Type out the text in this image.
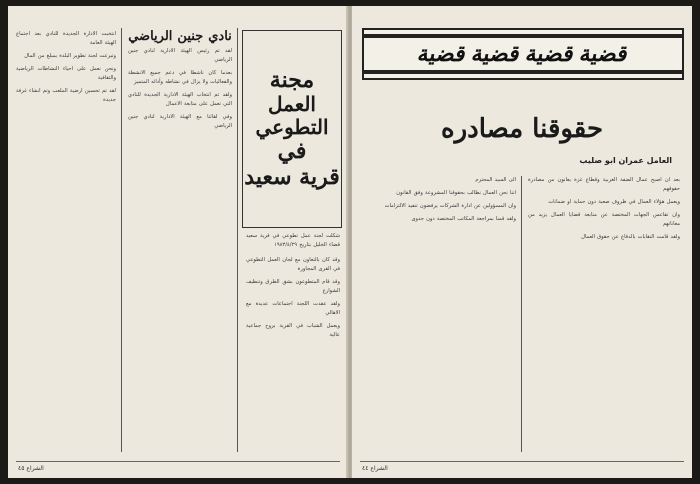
مجنة
العمل التطوعي
في
قرية سعيد
شكلت لجنة عمل تطوعي في قرية سعيد قضاء الخليل بتاريخ ١٩٨٣/٤/٢٩

وقد كان بالتعاون مع لجان العمل التطوعي في القرى المجاورة

وقد قام المتطوعون بشق الطرق وتنظيف الشوارع

ولقد عقدت اللجنة اجتماعات عديدة مع الاهالي

ويعمل الشباب في القرية بروح جماعية عالية

نادي جنين الرياضي

لقد تم رئيس الهيئة الادارية لنادي جنين الرياضي

بعدما كان ناشطا في دعم جميع الانشطة والفعاليات ولا يزال في نشاطه وأدائه المتميز

ولقد تم انتخاب الهيئة الادارية الجديدة للنادي التي تعمل على متابعة الاعمال

وفي لقائنا مع الهيئة الادارية لنادي جنين الرياضي

انتخبت الادارة الجديدة للنادي بعد اجتماع الهيئة العامة

وتبرعت لجنة تطوير البلدة بمبلغ من المال

ونحن نعمل على احياء النشاطات الرياضية والثقافية

لقد تم تحسين ارضية الملعب وتم انشاء غرفة جديدة

الشراع ٤٥
قضية
قضية
قضية
قضية
حقوقنا مصادره
العامل عمران ابو صليب

بعد ان اصبح عمال الضفة الغربية وقطاع غزة يعانون من مصادرة حقوقهم

ويعمل هؤلاء العمال في ظروف صعبة دون حماية او ضمانات

وان تقاعس الجهات المختصة عن متابعة قضايا العمال يزيد من معاناتهم

ولقد قامت النقابات بالدفاع عن حقوق العمال

الى السيد المحترم

اننا نحن العمال نطالب بحقوقنا المشروعة وفق القانون

وان المسؤولين عن ادارة الشركات يرفضون تنفيذ الالتزامات

ولقد قمنا بمراجعة المكاتب المختصة دون جدوى

الشراع ٤٤
